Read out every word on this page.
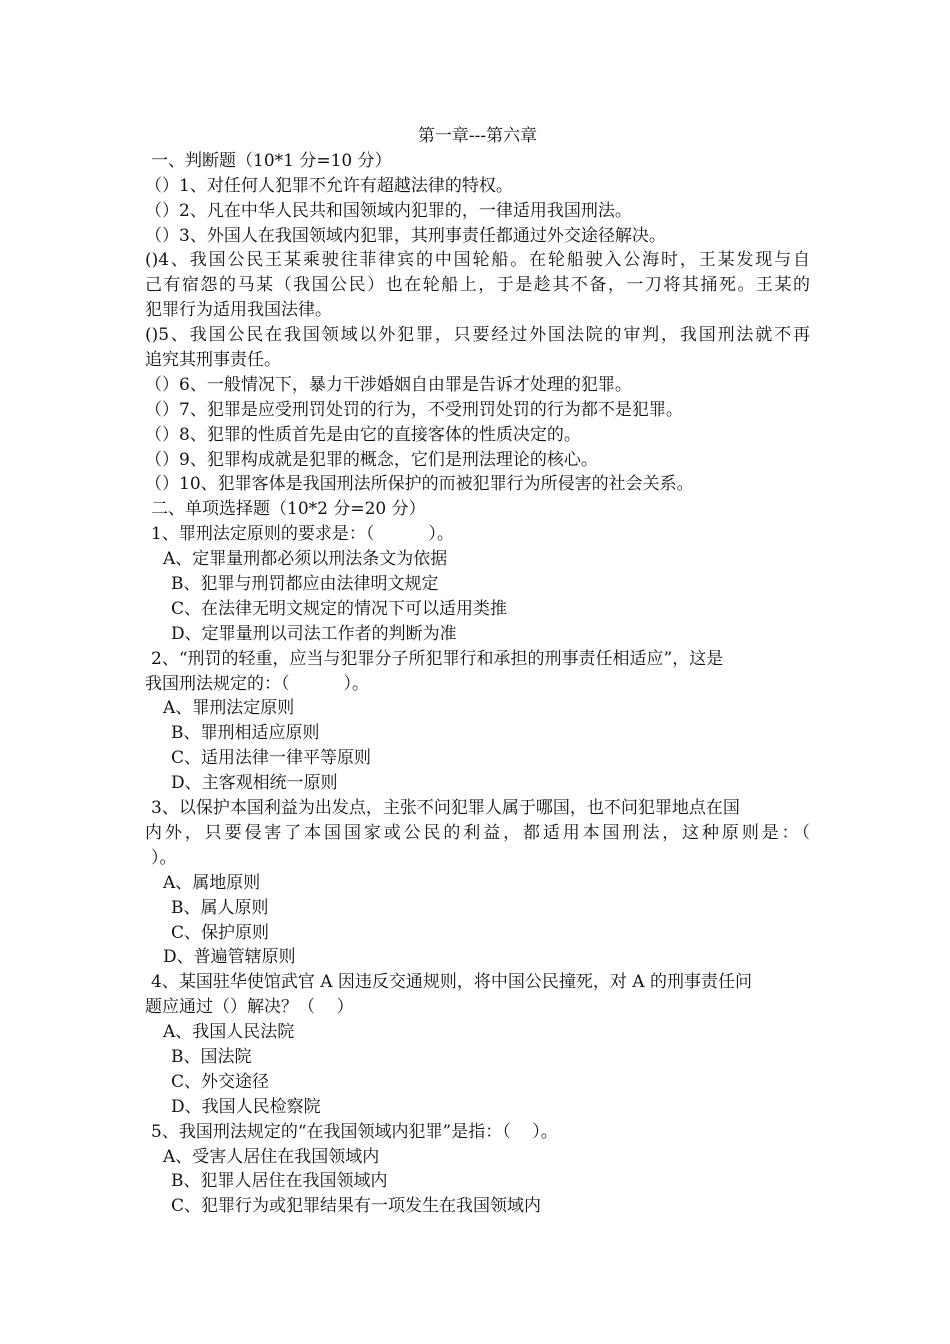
第一章---第六章
一、判断题（10*1 分=10 分）
（）1、对任何人犯罪不允许有超越法律的特权。
（）2、凡在中华人民共和国领域内犯罪的，一律适用我国刑法。
（）3、外国人在我国领域内犯罪，其刑事责任都通过外交途径解决。
()4、我国公民王某乘驶往菲律宾的中国轮船。在轮船驶入公海时，王某发现与自
己有宿怨的马某（我国公民）也在轮船上，于是趁其不备，一刀将其捅死。王某的
犯罪行为适用我国法律。
()5、我国公民在我国领域以外犯罪，只要经过外国法院的审判，我国刑法就不再
追究其刑事责任。
（）6、一般情况下，暴力干涉婚姻自由罪是告诉才处理的犯罪。
（）7、犯罪是应受刑罚处罚的行为，不受刑罚处罚的行为都不是犯罪。
（）8、犯罪的性质首先是由它的直接客体的性质决定的。
（）9、犯罪构成就是犯罪的概念，它们是刑法理论的核心。
（）10、犯罪客体是我国刑法所保护的而被犯罪行为所侵害的社会关系。
二、单项选择题（10*2 分=20 分）
1、罪刑法定原则的要求是：（          ）。
A、定罪量刑都必须以刑法条文为依据
B、犯罪与刑罚都应由法律明文规定
C、在法律无明文规定的情况下可以适用类推
D、定罪量刑以司法工作者的判断为准
2、“刑罚的轻重，应当与犯罪分子所犯罪行和承担的刑事责任相适应”，这是
我国刑法规定的：（          ）。
A、罪刑法定原则
B、罪刑相适应原则
C、适用法律一律平等原则
D、主客观相统一原则
3、以保护本国利益为出发点，主张不问犯罪人属于哪国，也不问犯罪地点在国
内外，只要侵害了本国国家或公民的利益，都适用本国刑法，这种原则是：（
）。
A、属地原则
B、属人原则
C、保护原则
D、普遍管辖原则
4、某国驻华使馆武官 A 因违反交通规则，将中国公民撞死，对 A 的刑事责任问
题应通过（）解决？（    ）
A、我国人民法院
B、国法院
C、外交途径
D、我国人民检察院
5、我国刑法规定的“在我国领域内犯罪”是指：（    ）。
A、受害人居住在我国领域内
B、犯罪人居住在我国领域内
C、犯罪行为或犯罪结果有一项发生在我国领域内
